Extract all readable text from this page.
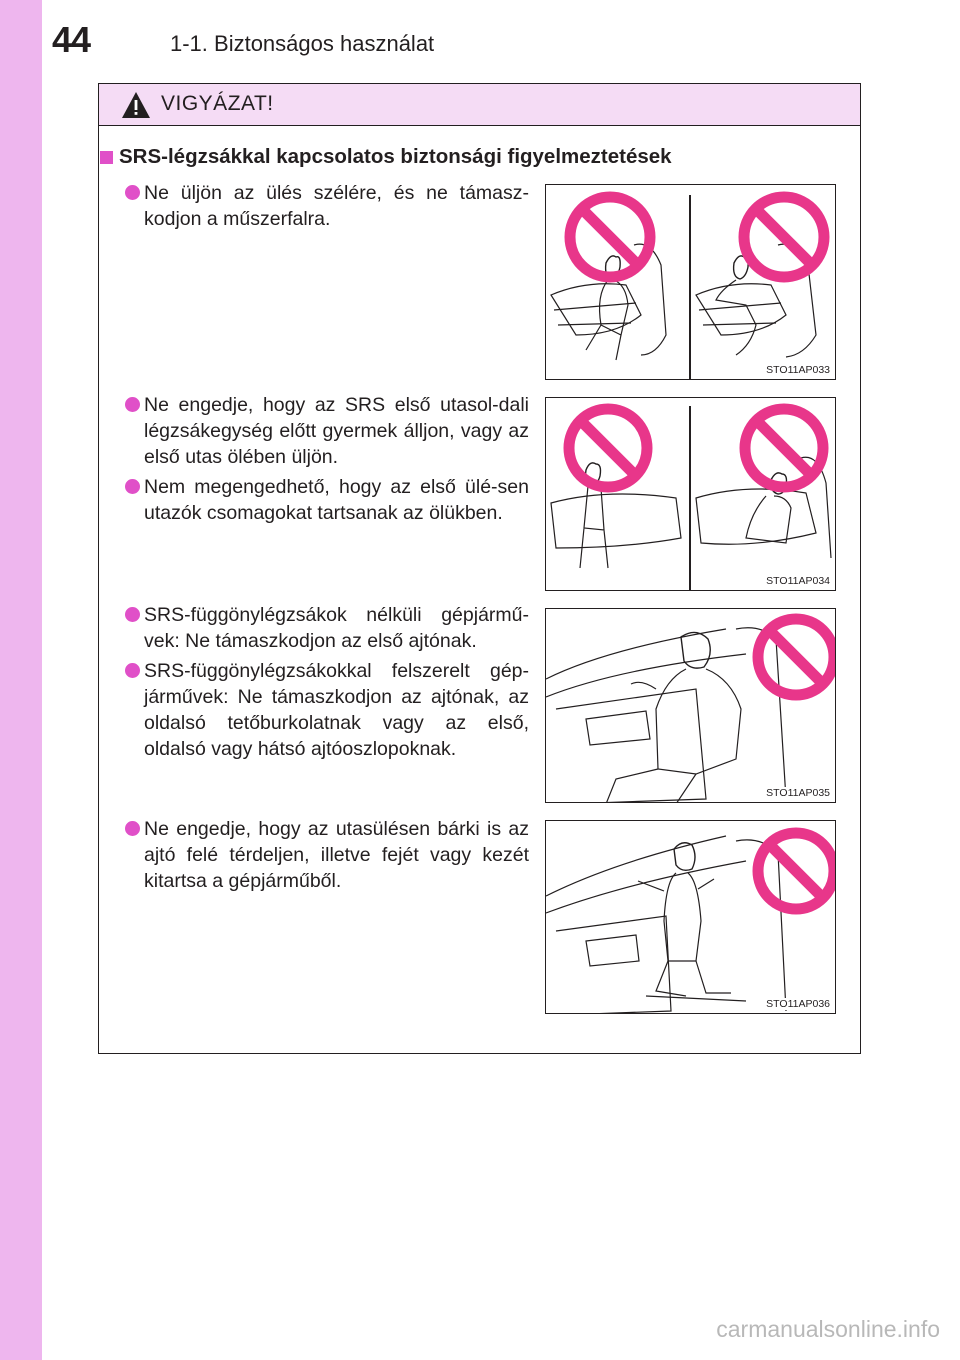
44	1-1. Biztonságos használat
VIGYÁZAT!
SRS-légzsákkal kapcsolatos biztonsági figyelmeztetések
Ne üljön az ülés szélére, és ne támasz-kodjon a műszerfalra.
Ne engedje, hogy az SRS első utasol-dali légzsákegység előtt gyermek álljon, vagy az első utas ölében üljön.
Nem megengedhető, hogy az első ülé-sen utazók csomagokat tartsanak az ölükben.
SRS-függönylégzsákok nélküli gépjármű-vek: Ne támaszkodjon az első ajtónak.
SRS-függönylégzsákokkal felszerelt gép-járművek: Ne támaszkodjon az ajtónak, az oldalsó tetőburkolatnak vagy az első, oldalsó vagy hátsó ajtóoszlopoknak.
Ne engedje, hogy az utasülésen bárki is az ajtó felé térdeljen, illetve fejét vagy kezét kitartsa a gépjárműből.
STO11AP033
STO11AP034
STO11AP035
STO11AP036
carmanualsonline.info
